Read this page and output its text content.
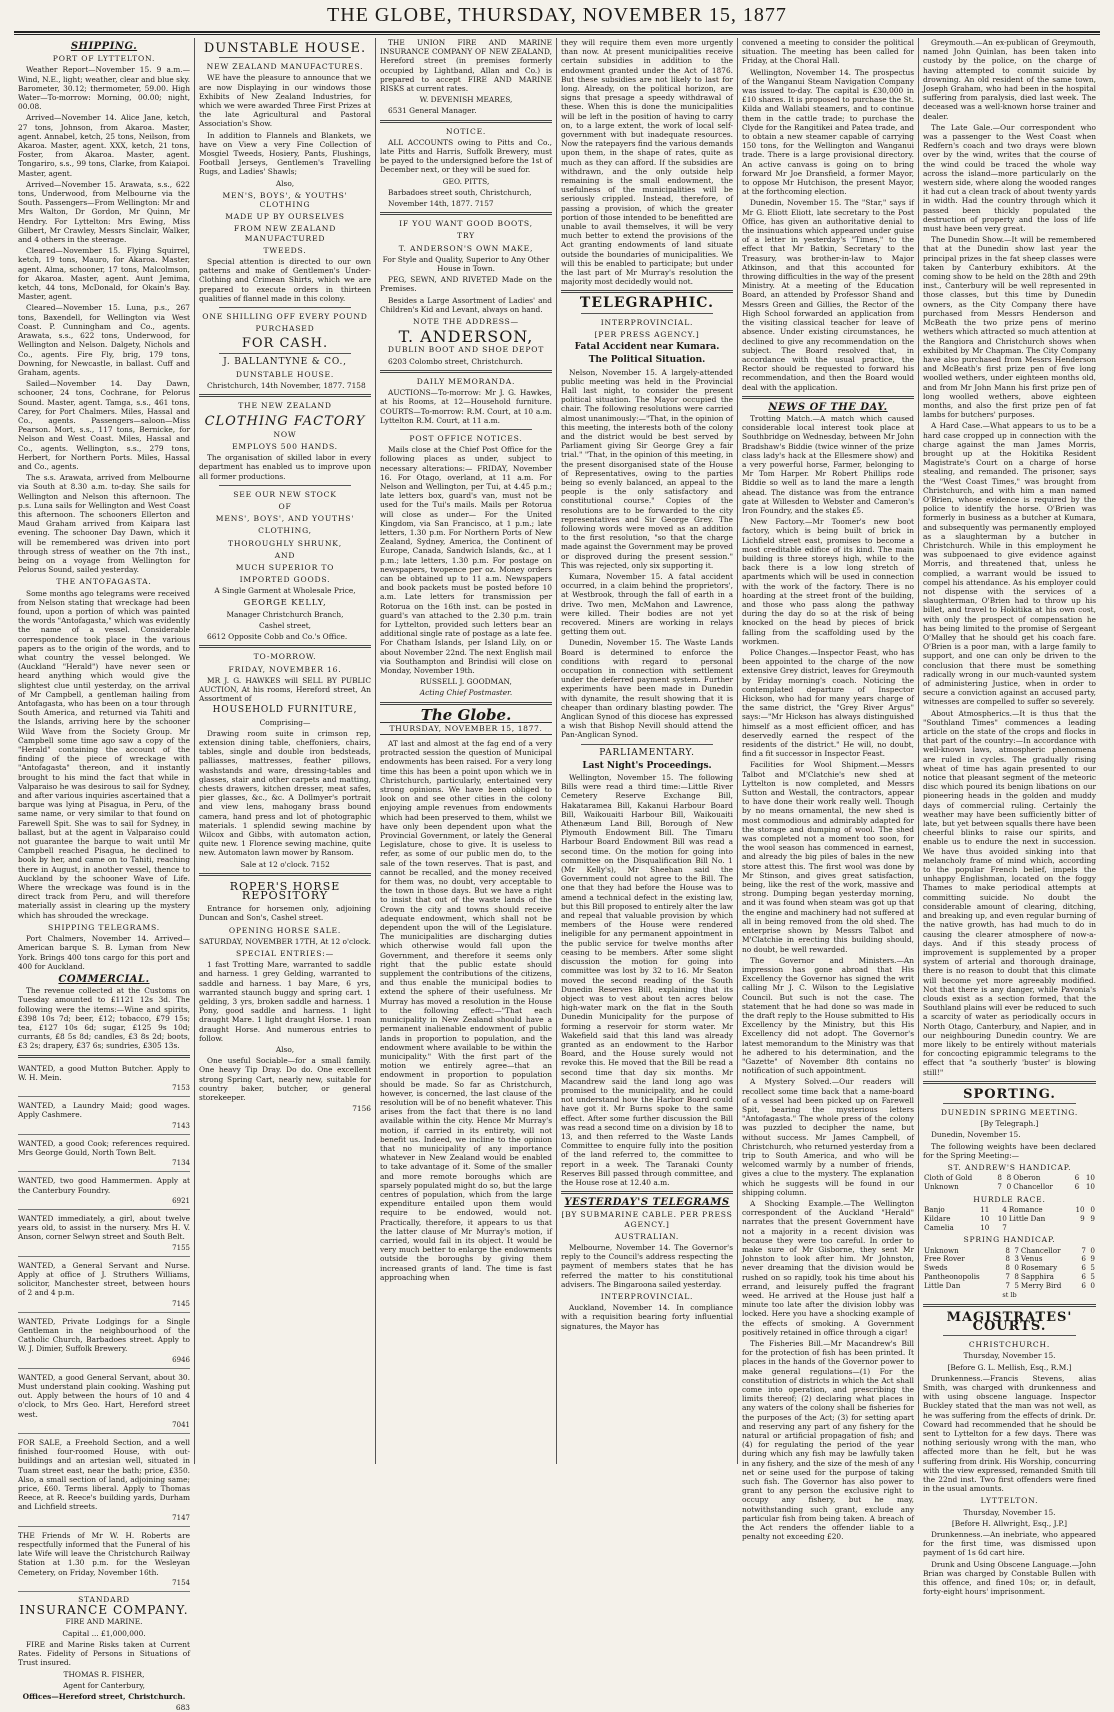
THE GLOBE, THURSDAY, NOVEMBER 15, 1877
SHIPPING.
PORT OF LYTTELTON.

Weather Report—November 15. 9 a.m.—Wind, N.E., light; weather, clear and blue sky. Barometer, 30.12; thermometer, 59.00. High Water—To-morrow: Morning, 00.00; night, 00.08.

Arrived—November 14. Alice Jane, ketch, 27 tons, Johnson, from Akaroa. Master, agent. Annabel, ketch, 25 tons, Neilson, from Akaroa. Master, agent. XXX, ketch, 21 tons, Foster, from Akaroa. Master, agent. Tongariro, s.s., 99 tons, Clarke, from Kaiapoi. Master, agent.

Arrived—November 15. Arawata, s.s., 622 tons, Underwood, from Melbourne via the South. Passengers—From Wellington: Mr and Mrs Walton, Dr Gordon, Mr Quinn, Mr Hendry. For Lyttelton: Mrs Ewing, Miss Gilbert, Mr Crawley, Messrs Sinclair, Walker, and 4 others in the steerage.

Cleared—November 15. Flying Squirrel, ketch, 19 tons, Mauro, for Akaroa. Master, agent. Alma, schooner, 17 tons, Malcolmson, for Akaroa. Master, agent. Aunt Jemima, ketch, 44 tons, McDonald, for Okain's Bay. Master, agent.

Cleared—November 15. Luna, p.s., 267 tons, Baxendell, for Wellington via West Coast. P. Cunningham and Co., agents. Arawata, s.s., 622 tons, Underwood, for Wellington and Nelson. Dalgety, Nichols and Co., agents. Fire Fly, brig, 179 tons, Downing, for Newcastle, in ballast. Cuff and Graham, agents.

Sailed—November 14. Day Dawn, schooner, 24 tons, Cochrane, for Pelorus Sound. Master, agent. Tamga, s.s., 461 tons, Carey, for Port Chalmers. Miles, Hassal and Co., agents. Passengers—saloon—Miss Pearson. Mort, s.s., 117 tons, Bernicke, for Nelson and West Coast. Miles, Hassal and Co., agents. Wellington, s.s., 279 tons, Herbert, for Northern Ports. Miles, Hassal and Co., agents.

The s.s. Arawata, arrived from Melbourne via South at 8.30 a.m. to-day. She sails for Wellington and Nelson this afternoon. The p.s. Luna sails for Wellington and West Coast this afternoon. The schooners Ellerton and Maud Graham arrived from Kaipara last evening. The schooner Day Dawn, which it will be remembered was driven into port through stress of weather on the 7th inst., being on a voyage from Wellington for Pelorus Sound, sailed yesterday.

THE ANTOFAGASTA.

Some months ago telegrams were received from Nelson stating that wreckage had been found, upon a portion of which was painted the words "Antofagasta," which was evidently the name of a vessel. Considerable correspondence took place in the various papers as to the origin of the words, and to what country the vessel belonged. We (Auckland "Herald") have never seen or heard anything which would give the slightest clue until yesterday, on the arrival of Mr Campbell, a gentleman hailing from Antofagasta, who has been on a tour through South America, and returned via Tahiti and the Islands, arriving here by the schooner Wild Wave from the Society Group. Mr Campbell some time ago saw a copy of the "Herald" containing the account of the finding of the piece of wreckage with "Antofagasta" thereon, and it instantly brought to his mind the fact that while in Valparaiso he was desirous to sail for Sydney, and after various inquiries ascertained that a barque was lying at Pisagua, in Peru, of the same name, or very similar to that found on Farewell Spit. She was to sail for Sydney, in ballast, but at the agent in Valparaiso could not guarantee the barque to wait until Mr Campbell reached Pisagua, he declined to book by her, and came on to Tahiti, reaching there in August, in another vessel, thence to Auckland by the schooner Wave of Life. Where the wreckage was found is in the direct track from Peru, and will therefore materially assist in clearing up the mystery which has shrouded the wreckage.

SHIPPING TELEGRAMS.

Port Chalmers, November 14. Arrived—American barque S. B. Lyman from New York. Brings 400 tons cargo for this port and 400 for Auckland.

COMMERCIAL.

The revenue collected at the Customs on Tuesday amounted to £1121 12s 3d. The following were the items:—Wine and spirits, £398 10s 7d; beer, £12; tobacco, £79 15s; tea, £127 10s 6d; sugar, £125 9s 10d; currants, £8 5s 8d; candles, £3 8s 2d; boots, £3 2s; drapery, £37 6s; sundries, £305 13s.

WANTED, a good Mutton Butcher. Apply to W. H. Mein.

7153

WANTED, a Laundry Maid; good wages. Apply Cashmere.

7143

WANTED, a good Cook; references required. Mrs George Gould, North Town Belt.

7134

WANTED, two good Hammermen. Apply at the Canterbury Foundry.

6921

WANTED immediately, a girl, about twelve years old, to assist in the nursery. Mrs H. V. Anson, corner Selwyn street and South Belt.

7155

WANTED, a General Servant and Nurse. Apply at office of J. Struthers Williams, solicitor, Manchester street, between hours of 2 and 4 p.m.

7145

WANTED, Private Lodgings for a Single Gentleman in the neighbourhood of the Catholic Church, Barbadoes street. Apply to W. J. Dimier, Suffolk Brewery.

6946

WANTED, a good General Servant, about 30. Must understand plain cooking. Washing put out. Apply between the hours of 10 and 4 o'clock, to Mrs Geo. Hart, Hereford street west.

7041

FOR SALE, a Freehold Section, and a well finished four-roomed House, with out-buildings and an artesian well, situated in Tuam street east, near the bath; price, £350. Also, a small section of land, adjoining same; price, £60. Terms liberal. Apply to Thomas Reece, at R. Reece's building yards, Durham and Lichfield streets.

7147

THE Friends of Mr W. H. Roberts are respectfully informed that the Funeral of his late Wife will leave the Christchurch Railway Station at 1.30 p.m. for the Wesleyan Cemetery, on Friday, November 16th.

7154
STANDARD
INSURANCE COMPANY.

FIRE AND MARINE.

Capital ... £1,000,000.

FIRE and Marine Risks taken at Current Rates. Fidelity of Persons in Situations of Trust insured.

THOMAS R. FISHER,

Agent for Canterbury,

Offices—Hereford street, Christchurch.

683
DUNSTABLE HOUSE.
NEW ZEALAND MANUFACTURES.

WE have the pleasure to announce that we are now Displaying in our windows those Exhibits of New Zealand Industries, for which we were awarded Three First Prizes at the late Agricultural and Pastoral Association's Show.

In addition to Flannels and Blankets, we have on View a very Fine Collection of Mosgiel Tweeds, Hosiery, Pants, Flushings, Football Jerseys, Gentlemen's Travelling Rugs, and Ladies' Shawls;

Also,

MEN'S, BOYS', & YOUTHS' CLOTHING
MADE UP BY OURSELVES
FROM NEW ZEALAND MANUFACTURED
TWEEDS.

Special attention is directed to our own patterns and make of Gentlemen's Under-Clothing and Crimean Shirts, which we are prepared to execute orders in thirteen qualities of flannel made in this colony.

ONE SHILLING OFF EVERY POUND
PURCHASED
FOR CASH.
J. BALLANTYNE & CO.,
DUNSTABLE HOUSE.

Christchurch, 14th November, 1877. 7158

THE NEW ZEALAND
CLOTHING FACTORY
NOW
EMPLOYS 500 HANDS.

The organisation of skilled labor in every department has enabled us to improve upon all former productions.

SEE OUR NEW STOCK
OF
MENS', BOYS', AND YOUTHS'
CLOTHING,
THOROUGHLY SHRUNK,
AND
MUCH SUPERIOR TO
IMPORTED GOODS.

A Single Garment at Wholesale Price,

GEORGE KELLY,

Manager Christchurch Branch,

Cashel street,

6612 Opposite Cobb and Co.'s Office.

TO-MORROW.
FRIDAY, NOVEMBER 16.

MR J. G. HAWKES will SELL BY PUBLIC AUCTION, At his rooms, Hereford street, An Assortment of

HOUSEHOLD FURNITURE,

Comprising—

Drawing room suite in crimson rep, extension dining table, cheffoniers, chairs, tables, single and double iron bedsteads, palliasses, mattresses, feather pillows, washstands and ware, dressing-tables and glasses, stair and other carpets and matting, chests drawers, kitchen dresser, meat safes, pier glasses, &c., &c. A Dollmyer's portrait and view lens, mahogany brass bound camera, hand press and lot of photographic materials. 1 splendid sewing machine by Wilcox and Gibbs, with automaton action, quite new. 1 Florence sewing machine, quite new. Automaton lawn mower by Ransom.

Sale at 12 o'clock. 7152

ROPER'S HORSE REPOSITORY

Entrance for horsemen only, adjoining Duncan and Son's, Cashel street.

OPENING HORSE SALE.

SATURDAY, NOVEMBER 17TH, At 12 o'clock.

SPECIAL ENTRIES:—

1 fast Trotting Mare, warranted to saddle and harness. 1 grey Gelding, warranted to saddle and harness. 1 bay Mare, 6 yrs, warranted staunch buggy and spring cart. 1 gelding, 3 yrs, broken saddle and harness. 1 Pony, good saddle and harness. 1 light draught Mare. 1 light draught Horse. 1 roan draught Horse. And numerous entries to follow.

Also,

One useful Sociable—for a small family. One heavy Tip Dray. Do do. One excellent strong Spring Cart, nearly new, suitable for country baker, butcher, or general storekeeper.

7156

THE UNION FIRE AND MARINE INSURANCE COMPANY OF NEW ZEALAND, Hereford street (in premises formerly occupied by Lightband, Allan and Co.) is prepared to accept FIRE AND MARINE RISKS at current rates.

W. DEVENISH MEARES,

6531 General Manager.

NOTICE.

ALL ACCOUNTS owing to Pitts and Co., late Pitts and Harris, Suffolk Brewery, must be payed to the undersigned before the 1st of December next, or they will be sued for.

GEO. PITTS,

Barbadoes street south, Christchurch,

November 14th, 1877. 7157

IF YOU WANT GOOD BOOTS,
TRY
T. ANDERSON'S OWN MAKE,

For Style and Quality, Superior to Any Other House in Town.

PEG, SEWN, AND RIVETED Made on the Premises.

Besides a Large Assortment of Ladies' and Children's Kid and Levant, always on hand.

NOTE THE ADDRESS—
T. ANDERSON,
DUBLIN BOOT AND SHOE DEPOT

6203 Colombo street, Christchurch.

DAILY MEMORANDA.

AUCTIONS—To-morrow: Mr J. G. Hawkes, at his Rooms, at 12—Household furniture. COURTS—To-morrow: R.M. Court, at 10 a.m. Lyttelton R.M. Court, at 11 a.m.

POST OFFICE NOTICES.

Mails close at the Chief Post Office for the following places as under, subject to necessary alterations:— FRIDAY, November 16. For Otago, overland, at 11 a.m. For Nelson and Wellington, per Tui, at 4.45 p.m.; late letters box, guard's van, must not be used for the Tui's mails. Mails per Rotorua will close as under— For the United Kingdom, via San Francisco, at 1 p.m.; late letters, 1.30 p.m. For Northern Ports of New Zealand, Sydney, America, the Continent of Europe, Canada, Sandwich Islands, &c., at 1 p.m.; late letters, 1.30 p.m. For postage on newspapers, twopence per oz. Money orders can be obtained up to 11 a.m. Newspapers and book packets must be posted before 10 a.m. Late letters for transmission per Rotorua on the 16th inst. can be posted in guard's van attached to the 2.30 p.m. train for Lyttelton, provided such letters bear an additional single rate of postage as a late fee. For Chatham Islands, per Island Lily, on or about November 22nd. The next English mail via Southampton and Brindisi will close on Monday, November 19th.

RUSSELL J. GOODMAN,

Acting Chief Postmaster.

The Globe.
THURSDAY, NOVEMBER 15, 1877.

AT last and almost at the fag end of a very protracted session the question of Municipal endowments has been raised. For a very long time this has been a point upon which we in Christchurch, particularly, entertained very strong opinions. We have been obliged to look on and see other cities in the colony enjoying ample revenues from endowments which had been preserved to them, whilst we have only been dependent upon what the Provincial Government, or lately the General Legislature, chose to give. It is useless to refer, as some of our public men do, to the sale of the town reserves. That is past, and cannot be recalled, and the money received for them was, no doubt, very acceptable to the town in those days. But we have a right to insist that out of the waste lands of the Crown the city and towns should receive adequate endowment, which shall not be dependent upon the will of the Legislature. The municipalities are discharging duties which otherwise would fall upon the Government, and therefore it seems only right that the public estate should supplement the contributions of the citizens, and thus enable the municipal bodies to extend the sphere of their usefulness. Mr Murray has moved a resolution in the House to the following effect:—"That each municipality in New Zealand should have a permanent inalienable endowment of public lands in proportion to population, and the endowment where available to be within the municipality." With the first part of the motion we entirely agree—that an endowment in proportion to population should be made. So far as Christchurch, however, is concerned, the last clause of the resolution will be of no benefit whatever. This arises from the fact that there is no land available within the city. Hence Mr Murray's motion, if carried in its entirety, will not benefit us. Indeed, we incline to the opinion that no municipality of any importance whatever in New Zealand would be enabled to take advantage of it. Some of the smaller and more remote boroughs which are sparsely populated might do so, but the large centres of population, which from the large expenditure entailed upon them would require to be endowed, would not. Practically, therefore, it appears to us that the latter clause of Mr Murray's motion, if carried, would fail in its object. It would be very much better to enlarge the endowments outside the boroughs by giving them increased grants of land. The time is fast approaching when

they will require them even more urgently than now. At present municipalities receive certain subsidies in addition to the endowment granted under the Act of 1876. But these subsidies are not likely to last for long. Already, on the political horizon, are signs that presage a speedy withdrawal of these. When this is done the municipalities will be left in the position of having to carry on, to a large extent, the work of local self-government with but inadequate resources. Now the ratepayers find the various demands upon them, in the shape of rates, quite as much as they can afford. If the subsidies are withdrawn, and the only outside help remaining is the small endowment, the usefulness of the municipalities will be seriously crippled. Instead, therefore, of passing a provision, of which the greater portion of those intended to be benefitted are unable to avail themselves, it will be very much better to extend the provisions of the Act granting endowments of land situate outside the boundaries of municipalities. We will this be enabled to participate; but under the last part of Mr Murray's resolution the majority most decidedly would not.

TELEGRAPHIC.
INTERPROVINCIAL.
[PER PRESS AGENCY.]
Fatal Accident near Kumara.
The Political Situation.

Nelson, November 15. A largely-attended public meeting was held in the Provincial Hall last night, to consider the present political situation. The Mayor occupied the chair. The following resolutions were carried almost unanimously:—"That, in the opinion of this meeting, the interests both of the colony and the district would be best served by Parliament giving Sir George Grey a fair trial." "That, in the opinion of this meeting, in the present disorganised state of the House of Representatives, owing to the parties being so evenly balanced, an appeal to the people is the only satisfactory and constitutional course." Copies of the resolutions are to be forwarded to the city representatives and Sir George Grey. The following words were moved as an addition to the first resolution, "so that the charge made against the Government may be proved or disproved during the present session." This was rejected, only six supporting it.

Kumara, November 15. A fatal accident occurred, in a claim behind the proprietors', at Westbrook, through the fall of earth in a drive. Two men, McMahon and Lawrence, were killed. Their bodies are not yet recovered. Miners are working in relays getting them out.

Dunedin, November 15. The Waste Lands Board is determined to enforce the conditions with regard to personal occupation in connection with settlement under the deferred payment system. Further experiments have been made in Dunedin with dynamite, the result showing that it is cheaper than ordinary blasting powder. The Anglican Synod of this diocese has expressed a wish that Bishop Nevill should attend the Pan-Anglican Synod.

PARLIAMENTARY.
Last Night's Proceedings.

Wellington, November 15. The following Bills were read a third time:—Little River Cemetery Reserve Exchange Bill, Hakataramea Bill, Kakanui Harbour Board Bill, Waikouaiti Harbour Bill, Waikouaiti Athenæum Land Bill, Borough of New Plymouth Endowment Bill. The Timaru Harbour Board Endowment Bill was read a second time. On the motion for going into committee on the Disqualification Bill No. 1 (Mr Kelly's), Mr Sheehan said the Government could not agree to the Bill. The one that they had before the House was to amend a technical defect in the existing law, but this Bill proposed to entirely alter the law and repeal that valuable provision by which members of the House were rendered ineligible for any permanent appointment in the public service for twelve months after ceasing to be members. After some slight discussion the motion for going into committee was lost by 32 to 16. Mr Seaton moved the second reading of the South Dunedin Reserves Bill, explaining that its object was to vest about ten acres below high-water mark on the flat in the South Dunedin Municipality for the purpose of forming a reservoir for storm water. Mr Wakefield said that this land was already granted as an endowment to the Harbor Board, and the House surely would not revoke this. He moved that the Bill be read a second time that day six months. Mr Macandrew said the land long ago was promised to the municipality, and he could not understand how the Harbor Board could have got it. Mr Burns spoke to the same effect. After some further discussion the Bill was read a second time on a division by 18 to 13, and then referred to the Waste Lands Committee to enquire fully into the position of the land referred to, the committee to report in a week. The Taranaki County Reserves Bill passed through committee, and the House rose at 12.40 a.m.

YESTERDAY'S TELEGRAMS
[BY SUBMARINE CABLE. PER PRESS AGENCY.]
AUSTRALIAN.

Melbourne, November 14. The Governor's reply to the Council's address respecting the payment of members states that he has referred the matter to his constitutional advisers. The Bingaroona sailed yesterday.

INTERPROVINCIAL.

Auckland, November 14. In compliance with a requisition bearing forty influential signatures, the Mayor has

convened a meeting to consider the political situation. The meeting has been called for Friday, at the Choral Hall.

Wellington, November 14. The prospectus of the Wanganui Steam Navigation Company was issued to-day. The capital is £30,000 in £10 shares. It is proposed to purchase the St. Kilda and Wallabi steamers, and to continue them in the cattle trade; to purchase the Clyde for the Rangitikei and Patea trade, and to obtain a new steamer capable of carrying 150 tons, for the Wellington and Wanganui trade. There is a large provisional directory. An active canvass is going on to bring forward Mr Joe Dransfield, a former Mayor, to oppose Mr Hutchison, the present Mayor, at the forthcoming election.

Dunedin, November 15. The "Star," says if Mr G. Eliott Eliott, late secretary to the Post Office, has given an authoritative denial to the insinuations which appeared under guise of a letter in yesterday's "Times," to the effect that Mr Batkin, Secretary to the Treasury, was brother-in-law to Major Atkinson, and that this accounted for throwing difficulties in the way of the present Ministry. At a meeting of the Education Board, an attended by Professor Shand and Messrs Green and Gillies, the Rector of the High School forwarded an application from the visiting classical teacher for leave of absence. Under existing circumstances, he declined to give any recommendation on the subject. The Board resolved that, in accordance with the usual practice, the Rector should be requested to forward his recommendation, and then the Board would deal with the application.

NEWS OF THE DAY.

Trotting Match.—A match which caused considerable local interest took place at Southbridge on Wednesday, between Mr John Bradshaw's Biddie (twice winner of the prize class lady's hack at the Ellesmere show) and a very powerful horse, Farmer, belonging to Mr Tom Harper. Mr Robert Phillips rode Biddie so well as to land the mare a length ahead. The distance was from the entrance gate at Willesden to Webster and Cameron's Iron Foundry, and the stakes £5.

New Factory.—Mr Toomer's new boot factory, which is being built of brick in Lichfield street east, promises to become a most creditable edifice of its kind. The main building is three storeys high, while to the back there is a low long stretch of apartments which will be used in connection with the work of the factory. There is no hoarding at the street front of the building, and those who pass along the pathway during the day do so at the risk of being knocked on the head by pieces of brick falling from the scaffolding used by the workmen.

Police Changes.—Inspector Feast, who has been appointed to the charge of the now extensive Grey district, leaves for Greymouth by Friday morning's coach. Noticing the contemplated departure of Inspector Hickson, who had for many years charge of the same district, the "Grey River Argus" says:—"Mr Hickson has always distinguished himself as a most efficient officer, and has deservedly earned the respect of the residents of the district." He will, no doubt, find a fit successor in Inspector Feast.

Facilities for Wool Shipment.—Messrs Talbot and M'Clatchie's new shed at Lyttelton is now completed, and Messrs Sutton and Westall, the contractors, appear to have done their work really well. Though by no means ornamental, the new shed is most commodious and admirably adapted for the storage and dumping of wool. The shed was completed not a moment too soon, for the wool season has commenced in earnest, and already the big piles of bales in the new store attest this. The first wool was done by Mr Stinson, and gives great satisfaction, being, like the rest of the work, massive and strong. Dumping began yesterday morning, and it was found when steam was got up that the engine and machinery had not suffered at all in being removed from the old shed. The enterprise shown by Messrs Talbot and M'Clatchie in erecting this building should, no doubt, be well rewarded.

The Governor and Ministers.—An impression has gone abroad that His Excellency the Governor has signed the writ calling Mr J. C. Wilson to the Legislative Council. But such is not the case. The statement that he had done so was made in the draft reply to the House submitted to His Excellency by the Ministry, but this His Excellency did not adopt. The Governor's latest memorandum to the Ministry was that he adhered to his determination, and the "Gazette" of November 8th contains no notification of such appointment.

A Mystery Solved.—Our readers will recollect some time back that a name-board of a vessel had been picked up on Farewell Spit, bearing the mysterious letters "Antofagasta." The whole press of the colony was puzzled to decipher the name, but without success. Mr James Campbell, of Christchurch, who returned yesterday from a trip to South America, and who will be welcomed warmly by a number of friends, gives a clue to the mystery. The explanation which he suggests will be found in our shipping column.

A Shocking Example.—The Wellington correspondent of the Auckland "Herald" narrates that the present Government have not a majority in a recent division was because they were too careful. In order to make sure of Mr Gisborne, they sent Mr Johnston to look after him. Mr Johnston, never dreaming that the division would be rushed on so rapidly, took his time about his errand, and leisurely puffed the fragrant weed. He arrived at the House just half a minute too late after the division lobby was locked. Here you have a shocking example of the effects of smoking. A Government positively retained in office through a cigar!

The Fisheries Bill.—Mr Macandrew's Bill for the protection of fish has been printed. It places in the hands of the Governor power to make general regulations—(1) For the constitution of districts in which the Act shall come into operation, and prescribing the limits thereof; (2) declaring what places in any waters of the colony shall be fisheries for the purposes of the Act; (3) for setting apart and reserving any part of any fishery for the natural or artificial propagation of fish; and (4) for regulating the period of the year during which any fish may be lawfully taken in any fishery, and the size of the mesh of any net or seine used for the purpose of taking such fish. The Governor has also power to grant to any person the exclusive right to occupy any fishery, but he may, notwithstanding such grant, exclude any particular fish from being taken. A breach of the Act renders the offender liable to a penalty not exceeding £20.

Greymouth.—An ex-publican of Greymouth, named John Quinlan, has been taken into custody by the police, on the charge of having attempted to commit suicide by drowning. An old resident of the same town, Joseph Graham, who had been in the hospital suffering from paralysis, died last week. The deceased was a well-known horse trainer and dealer.

The Late Gale.—Our correspondent who was a passenger to the West Coast when Redfern's coach and two drays were blown over by the wind, writes that the course of the wind could be traced the whole way across the island—more particularly on the western side, where along the wooded ranges it had cut a clean track of about twenty yards in width. Had the country through which it passed been thickly populated the destruction of property and the loss of life must have been very great.

The Dunedin Show.—It will be remembered that at the Dunedin show last year the principal prizes in the fat sheep classes were taken by Canterbury exhibitors. At the coming show to be held on the 28th and 29th inst., Canterbury will be well represented in those classes, but this time by Dunedin owners, as the City Company there have purchased from Messrs Henderson and McBeath the two prize pens of merino wethers which attracted so much attention at the Rangiora and Christchurch shows when exhibited by Mr Chapman. The City Company have also purchased from Messrs Henderson and McBeath's first prize pen of five long woolled wethers, under eighteen months old, and from Mr John Mann his first prize pen of long woolled wethers, above eighteen months, and also the first prize pen of fat lambs for butchers' purposes.

A Hard Case.—What appears to us to be a hard case cropped up in connection with the charge against the man James Morris, brought up at the Hokitika Resident Magistrate's Court on a charge of horse stealing, and remanded. The prisoner, says the "West Coast Times," was brought from Christchurch, and with him a man named O'Brien, whose evidence is required by the police to identify the horse. O'Brien was formerly in business as a butcher at Kumara, and subsequently was permanently employed as a slaughterman by a butcher in Christchurch. While in this employment he was subpoenaed to give evidence against Morris, and threatened that, unless he complied, a warrant would be issued to compel his attendance. As his employer could not dispense with the services of a slaughterman, O'Brien had to throw up his billet, and travel to Hokitika at his own cost, with only the prospect of compensation he has being limited to the promise of Sergeant O'Malley that he should get his coach fare. O'Brien is a poor man, with a large family to support, and one can only be driven to the conclusion that there must be something radically wrong in our much-vaunted system of administering Justice, when in order to secure a conviction against an accused party, witnesses are compelled to suffer so severely.

About Atmospherics.—It is thus that the "Southland Times" commences a leading article on the state of the crops and flocks in that part of the country:—In accordance with well-known laws, atmospheric phenomena are ruled in cycles. The gradually rising wheat of time has again presented to our notice that pleasant segment of the meteoric disc which poured its benign libations on our pioneering heads in the golden and muddy days of commercial ruling. Certainly the weather may have been sufficiently bitter of late, but yet between squalls there have been cheerful blinks to raise our spirits, and enable us to endure the next in succession. We have thus avoided sinking into that melancholy frame of mind which, according to the popular French belief, impels the unhappy Englishman, located on the foggy Thames to make periodical attempts at committing suicide. No doubt the considerable amount of clearing, ditching, and breaking up, and even regular burning of the native growth, has had much to do in causing the clearer atmosphere of now-a-days. And if this steady process of improvement is supplemented by a proper system of arterial and thorough drainage, there is no reason to doubt that this climate will become yet more agreeably modified. Not that there is any danger, while Pavonia's clouds exist as a section formed, that the Southland plains will ever be reduced to such a scarcity of water as periodically occurs in North Otago, Canterbury, and Napier, and in our neighbouring Dunedin country. We are more likely to be entirely without materials for concocting epigrammic telegrams to the effect that "a southerly 'buster' is blowing still!"

SPORTING.
DUNEDIN SPRING MEETING.

[By Telegraph.]

Dunedin, November 15.

The following weights have been declared for the Spring Meeting:—

ST. ANDREW'S HANDICAP.
Cloth of Gold	8	8	Oberon	6	10
Unknown	7	0	Chancellor	6	10
HURDLE RACE.
Banjo	11	4	Romance	10	0
Kildare	10	10	Little Dan	9	9
Camelia	10	7			
SPRING HANDICAP.
Unknown	8	7	Chancellor	7	0
Free Rover	8	3	Venus	6	9
Sweds	8	0	Rosemary	6	5
Pantheonopolis	7	8	Sapphira	6	5
Little Dan	7	5	Merry Bird	6	0

st lb

MAGISTRATES' COURTS.
CHRISTCHURCH.

Thursday, November 15.

[Before G. L. Mellish, Esq., R.M.]

Drunkenness.—Francis Stevens, alias Smith, was charged with drunkenness and with using obscene language. Inspector Buckley stated that the man was not well, as he was suffering from the effects of drink. Dr. Coward had recommended that he should be sent to Lyttelton for a few days. There was nothing seriously wrong with the man, who affected more than he felt, but he was suffering from drink. His Worship, concurring with the view expressed, remanded Smith till the 22nd inst. Two first offenders were fined in the usual amounts.

LYTTELTON.

Thursday, November 15.

[Before H. Allwright, Esq., J.P.]

Drunkenness.—An inebriate, who appeared for the first time, was dismissed upon payment of 1s 6d cart hire.

Drunk and Using Obscene Language.—John Brian was charged by Constable Bullen with this offence, and fined 10s; or, in default, forty-eight hours' imprisonment.
